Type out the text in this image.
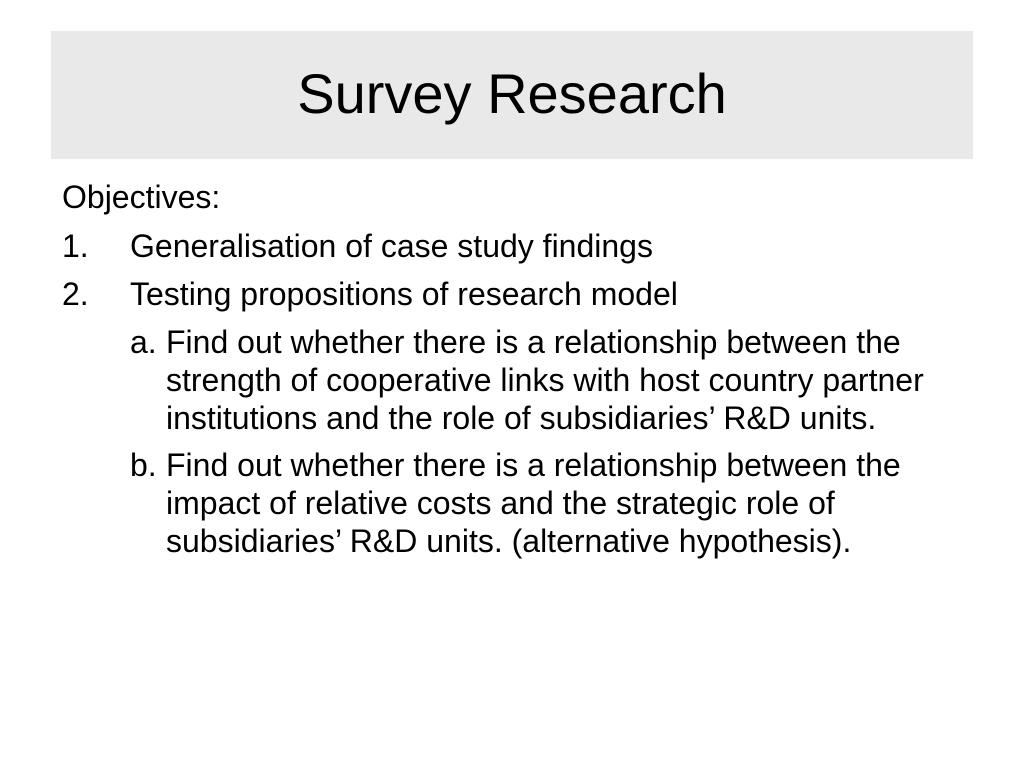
Survey Research
Objectives:
1. Generalisation of case study findings
2. Testing propositions of research model
a. Find out whether there is a relationship between the strength of cooperative links with host country partner institutions and the role of subsidiaries’ R&D units.
b. Find out whether there is a relationship between the impact of relative costs and the strategic role of subsidiaries’ R&D units. (alternative hypothesis).
